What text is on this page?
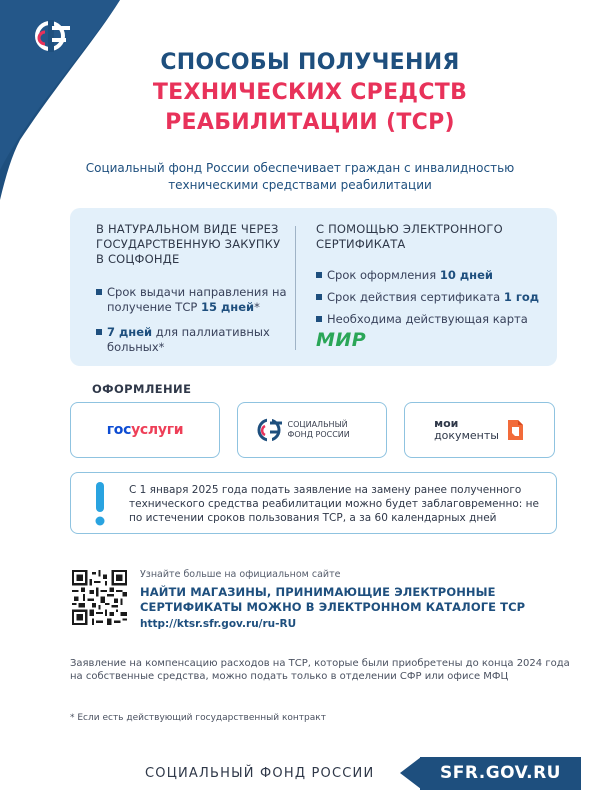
СПОСОБЫ ПОЛУЧЕНИЯ
ТЕХНИЧЕСКИХ СРЕДСТВ
РЕАБИЛИТАЦИИ (ТСР)
Социальный фонд России обеспечивает граждан с инвалидностью техническими средствами реабилитации
В НАТУРАЛЬНОМ ВИДЕ ЧЕРЕЗ ГОСУДАРСТВЕННУЮ ЗАКУПКУ В СОЦФОНДЕ
Срок выдачи направления на получение ТСР 15 дней*
7 дней для паллиативных больных*
С ПОМОЩЬЮ ЭЛЕКТРОННОГО СЕРТИФИКАТА
Срок оформления 10 дней
Срок действия сертификата 1 год
Необходима действующая карта
МИР
ОФОРМЛЕНИЕ
госуслуги	СОЦИАЛЬНЫЙ ФОНД РОССИИ
мои
документы
С 1 января 2025 года подать заявление на замену ранее полученного технического средства реабилитации можно будет заблаговременно: не по истечении сроков пользования ТСР, а за 60 календарных дней
Узнайте больше на официальном сайте
НАЙТИ МАГАЗИНЫ, ПРИНИМАЮЩИЕ ЭЛЕКТРОННЫЕ СЕРТИФИКАТЫ МОЖНО В ЭЛЕКТРОННОМ КАТАЛОГЕ ТСР
http://ktsr.sfr.gov.ru/ru-RU
Заявление на компенсацию расходов на ТСР, которые были приобретены до конца 2024 года на собственные средства, можно подать только в отделении СФР или офисе МФЦ
* Если есть действующий государственный контракт
СОЦИАЛЬНЫЙ ФОНД РОССИИ	SFR.GOV.RU
